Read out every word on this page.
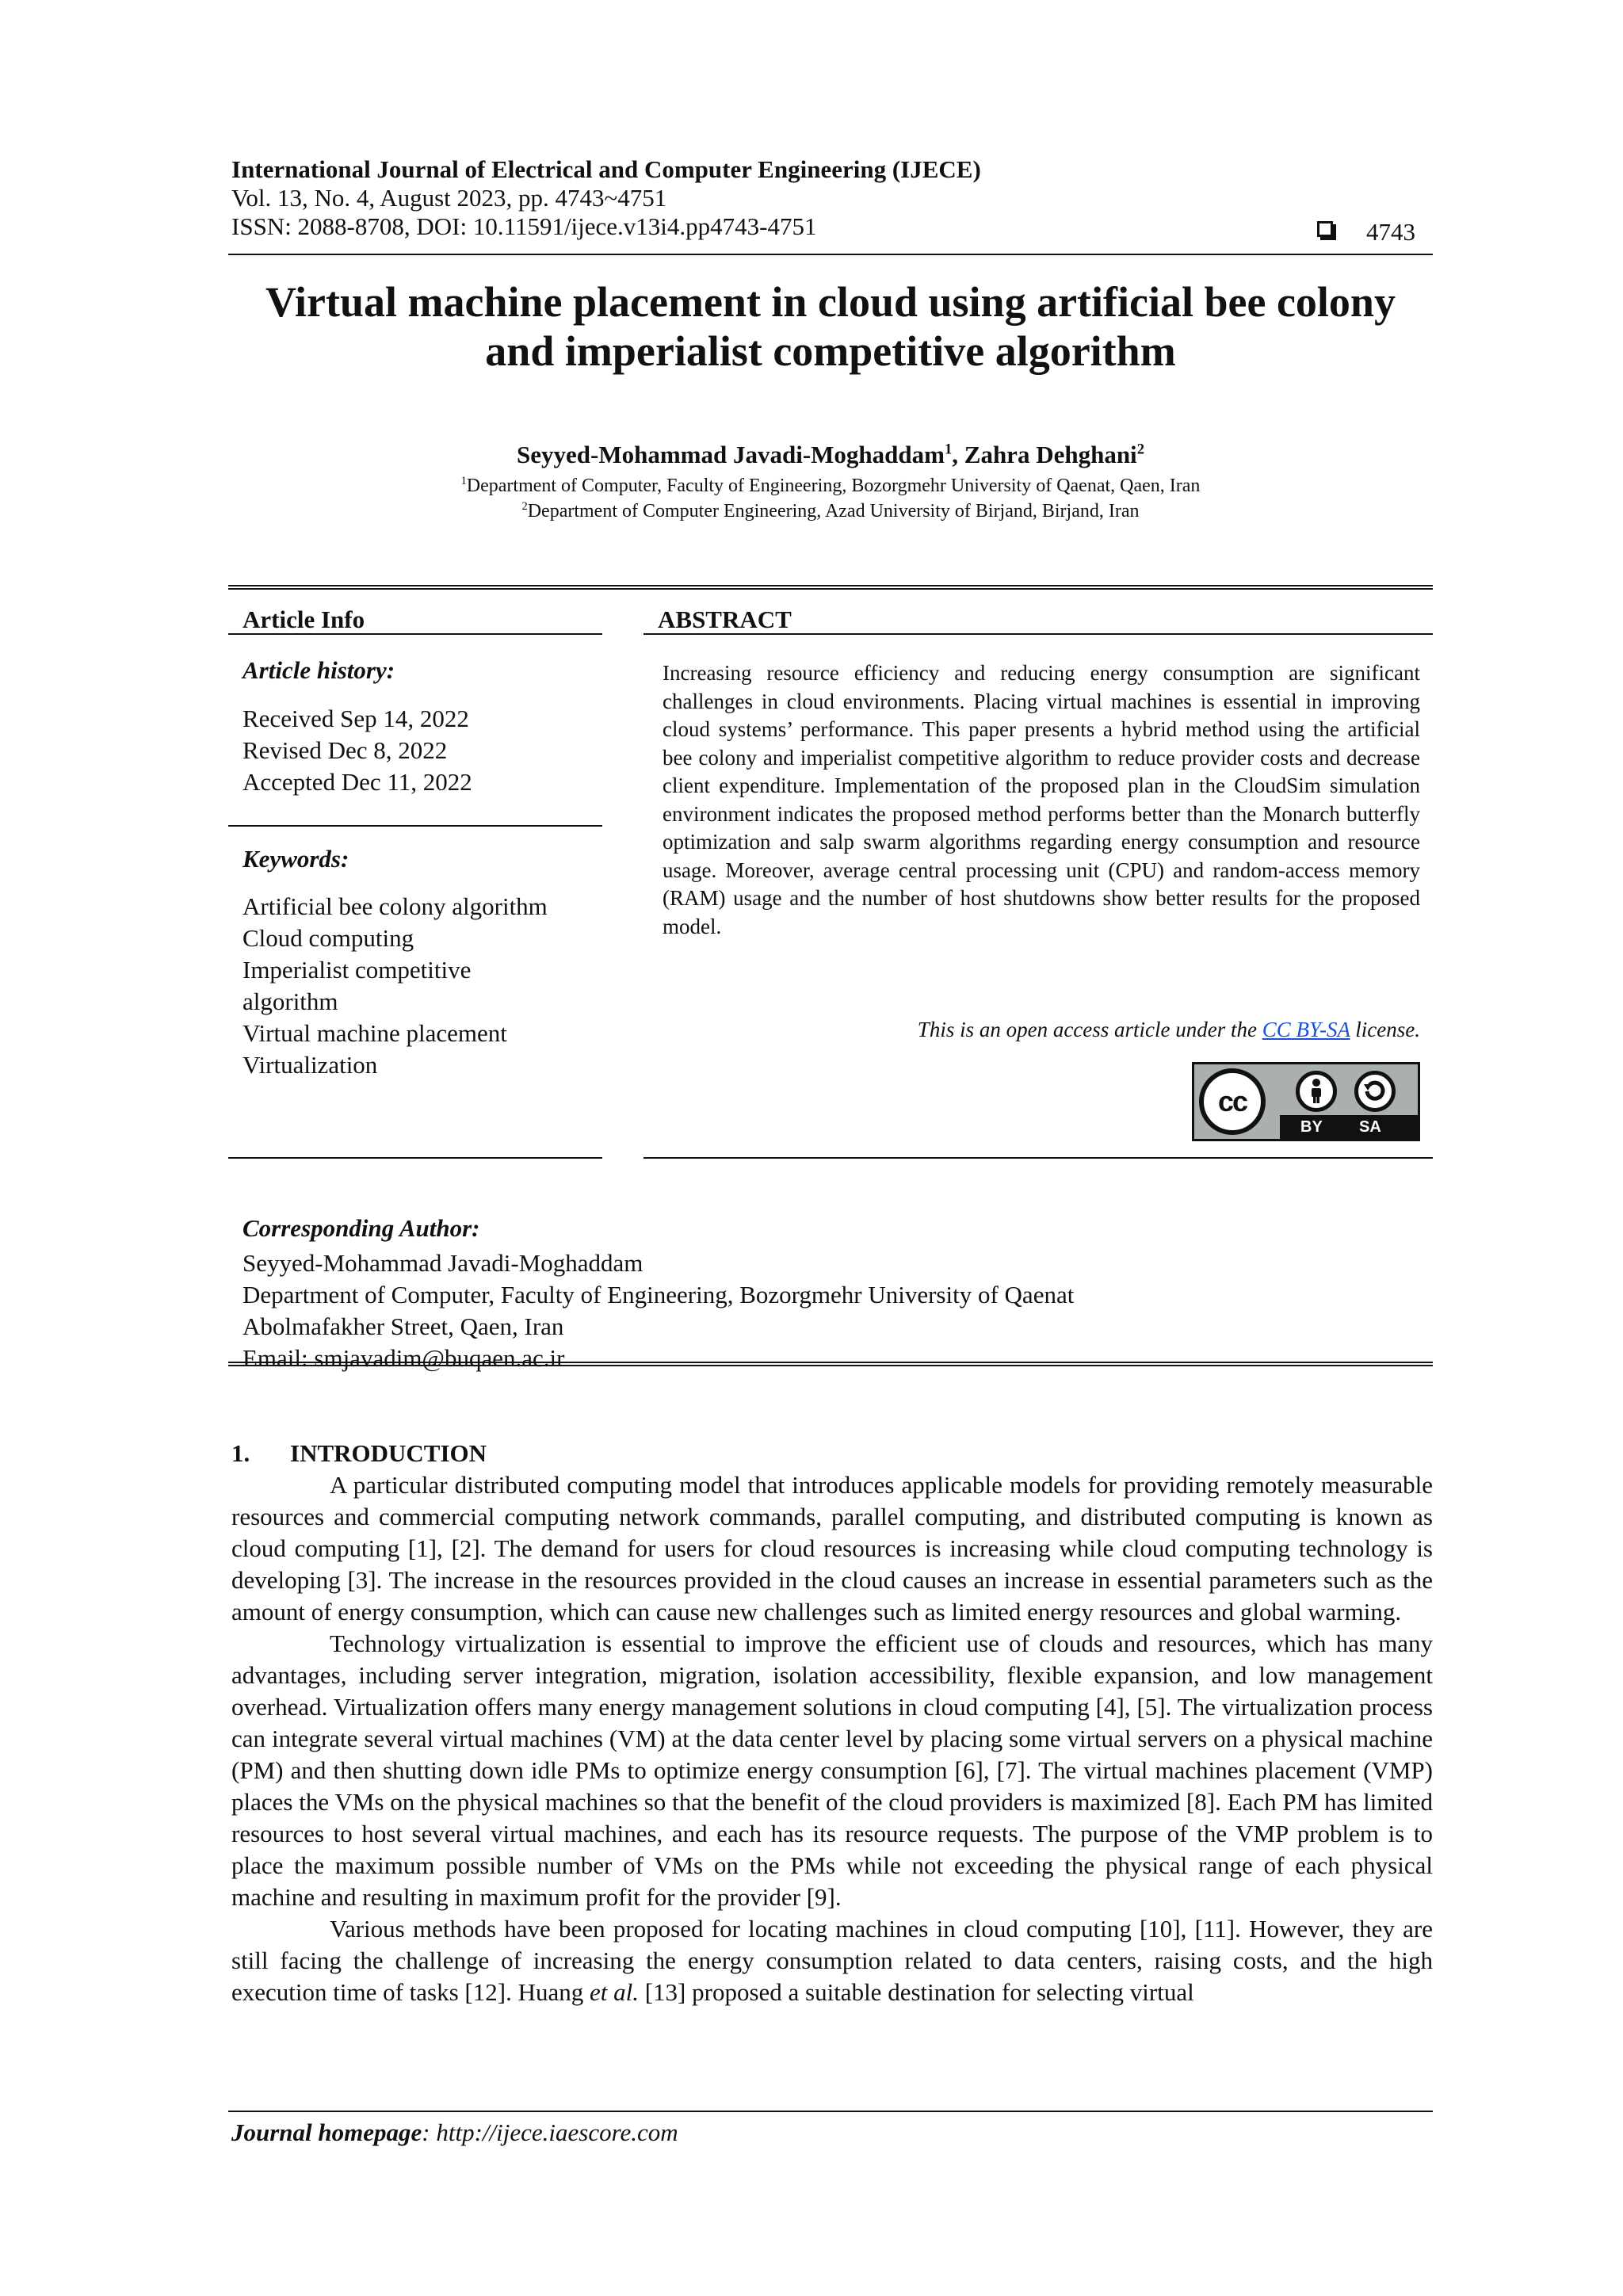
International Journal of Electrical and Computer Engineering (IJECE)
Vol. 13, No. 4, August 2023, pp. 4743~4751
ISSN: 2088-8708, DOI: 10.11591/ijece.v13i4.pp4743-4751	4743
Virtual machine placement in cloud using artificial bee colony
and imperialist competitive algorithm
Seyyed-Mohammad Javadi-Moghaddam$^1$, Zahra Dehghani$^2$
$^1$Department of Computer, Faculty of Engineering, Bozorgmehr University of Qaenat, Qaen, Iran
$^2$Department of Computer Engineering, Azad University of Birjand, Birjand, Iran
Article Info
Article history:
Received Sep 14, 2022
Revised Dec 8, 2022
Accepted Dec 11, 2022
Keywords:
Artificial bee colony algorithm
Cloud computing
Imperialist competitive
algorithm
Virtual machine placement
Virtualization
ABSTRACT
Increasing resource efficiency and reducing energy consumption are significant challenges in cloud environments. Placing virtual machines is essential in improving cloud systems’ performance. This paper presents a hybrid method using the artificial bee colony and imperialist competitive algorithm to reduce provider costs and decrease client expenditure. Implementation of the proposed plan in the CloudSim simulation environment indicates the proposed method performs better than the Monarch butterfly optimization and salp swarm algorithms regarding energy consumption and resource usage. Moreover, average central processing unit (CPU) and random-access memory (RAM) usage and the number of host shutdowns show better results for the proposed model.
This is an open access article under the CC BY-SA license.
cc
BY SA
Corresponding Author:
Seyyed-Mohammad Javadi-Moghaddam
Department of Computer, Faculty of Engineering, Bozorgmehr University of Qaenat
Abolmafakher Street, Qaen, Iran
Email: smjavadim@buqaen.ac.ir
1. INTRODUCTION

A particular distributed computing model that introduces applicable models for providing remotely measurable resources and commercial computing network commands, parallel computing, and distributed computing is known as cloud computing [1], [2]. The demand for users for cloud resources is increasing while cloud computing technology is developing [3]. The increase in the resources provided in the cloud causes an increase in essential parameters such as the amount of energy consumption, which can cause new challenges such as limited energy resources and global warming.

Technology virtualization is essential to improve the efficient use of clouds and resources, which has many advantages, including server integration, migration, isolation accessibility, flexible expansion, and low management overhead. Virtualization offers many energy management solutions in cloud computing [4], [5]. The virtualization process can integrate several virtual machines (VM) at the data center level by placing some virtual servers on a physical machine (PM) and then shutting down idle PMs to optimize energy consumption [6], [7]. The virtual machines placement (VMP) places the VMs on the physical machines so that the benefit of the cloud providers is maximized [8]. Each PM has limited resources to host several virtual machines, and each has its resource requests. The purpose of the VMP problem is to place the maximum possible number of VMs on the PMs while not exceeding the physical range of each physical machine and resulting in maximum profit for the provider [9].

Various methods have been proposed for locating machines in cloud computing [10], [11]. However, they are still facing the challenge of increasing the energy consumption related to data centers, raising costs, and the high execution time of tasks [12]. Huang et al. [13] proposed a suitable destination for selecting virtual

Journal homepage: http://ijece.iaescore.com
